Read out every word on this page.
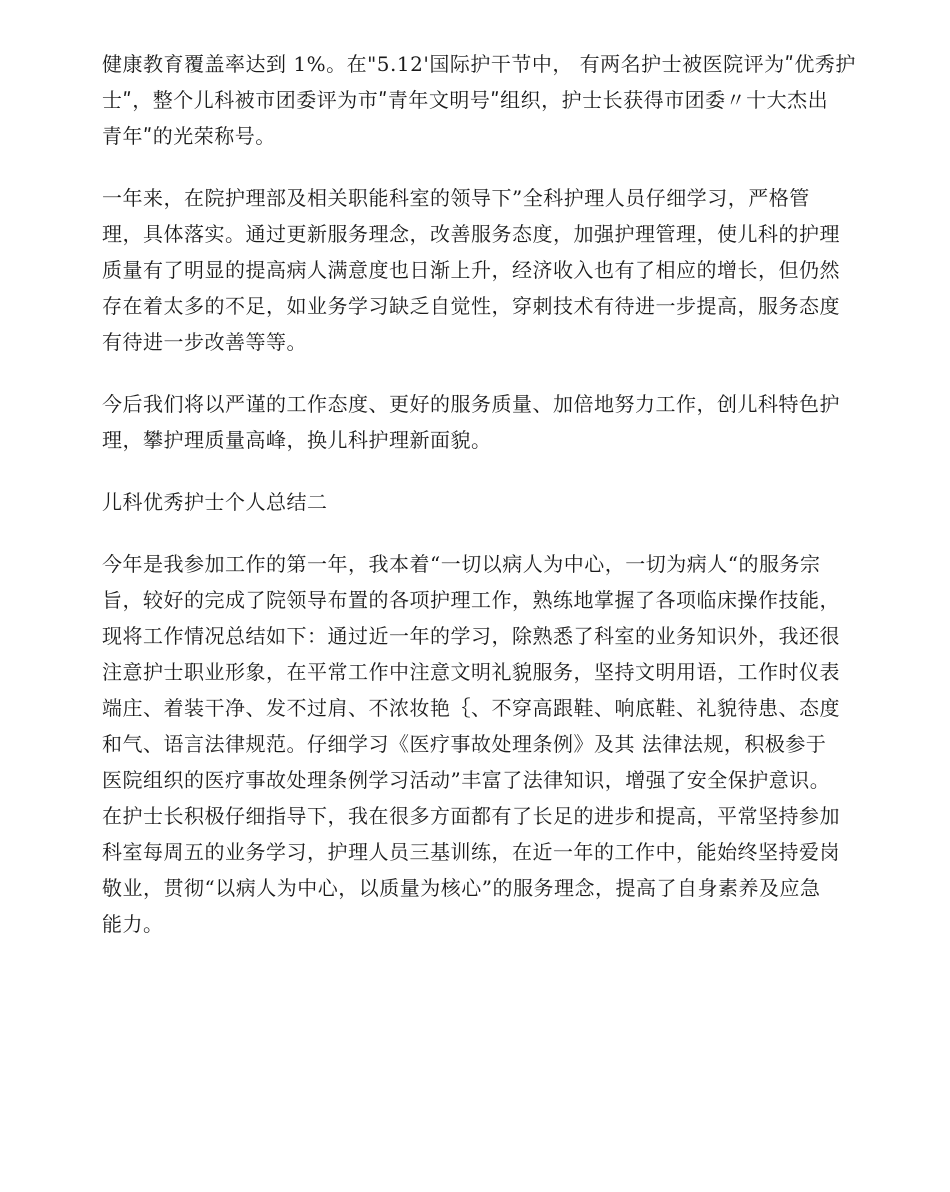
健康教育覆盖率达到 1%。在"5.12'国际护干节中， 有两名护士被医院评为ʺ优秀护
士ʺ，整个儿科被市团委评为市ʺ青年文明号ʺ组织，护士长获得市团委〃十大杰出
青年ʺ的光荣称号。
一年来，在院护理部及相关职能科室的领导下”全科护理人员仔细学习，严格管
理，具体落实。通过更新服务理念，改善服务态度，加强护理管理，使儿科的护理
质量有了明显的提高病人满意度也日渐上升，经济收入也有了相应的增长，但仍然
存在着太多的不足，如业务学习缺乏自觉性，穿刺技术有待进一步提高，服务态度
有待进一步改善等等。
今后我们将以严谨的工作态度、更好的服务质量、加倍地努力工作，创儿科特色护
理，攀护理质量高峰，换儿科护理新面貌。
儿科优秀护士个人总结二
今年是我参加工作的第一年，我本着“一切以病人为中心，一切为病人“的服务宗
旨，较好的完成了院领导布置的各项护理工作，熟练地掌握了各项临床操作技能，
现将工作情况总结如下：通过近一年的学习，除熟悉了科室的业务知识外，我还很
注意护士职业形象，在平常工作中注意文明礼貌服务，坚持文明用语，工作时仪表
端庄、着装干净、发不过肩、不浓妆艳｛、不穿高跟鞋、响底鞋、礼貌待患、态度
和气、语言法律规范。仔细学习《医疗事故处理条例》及其 法律法规，积极参于
医院组织的医疗事故处理条例学习活动”丰富了法律知识，增强了安全保护意识。
在护士长积极仔细指导下，我在很多方面都有了长足的进步和提高，平常坚持参加
科室每周五的业务学习，护理人员三基训练，在近一年的工作中，能始终坚持爱岗
敬业，贯彻“以病人为中心，以质量为核心”的服务理念，提高了自身素养及应急
能力。
